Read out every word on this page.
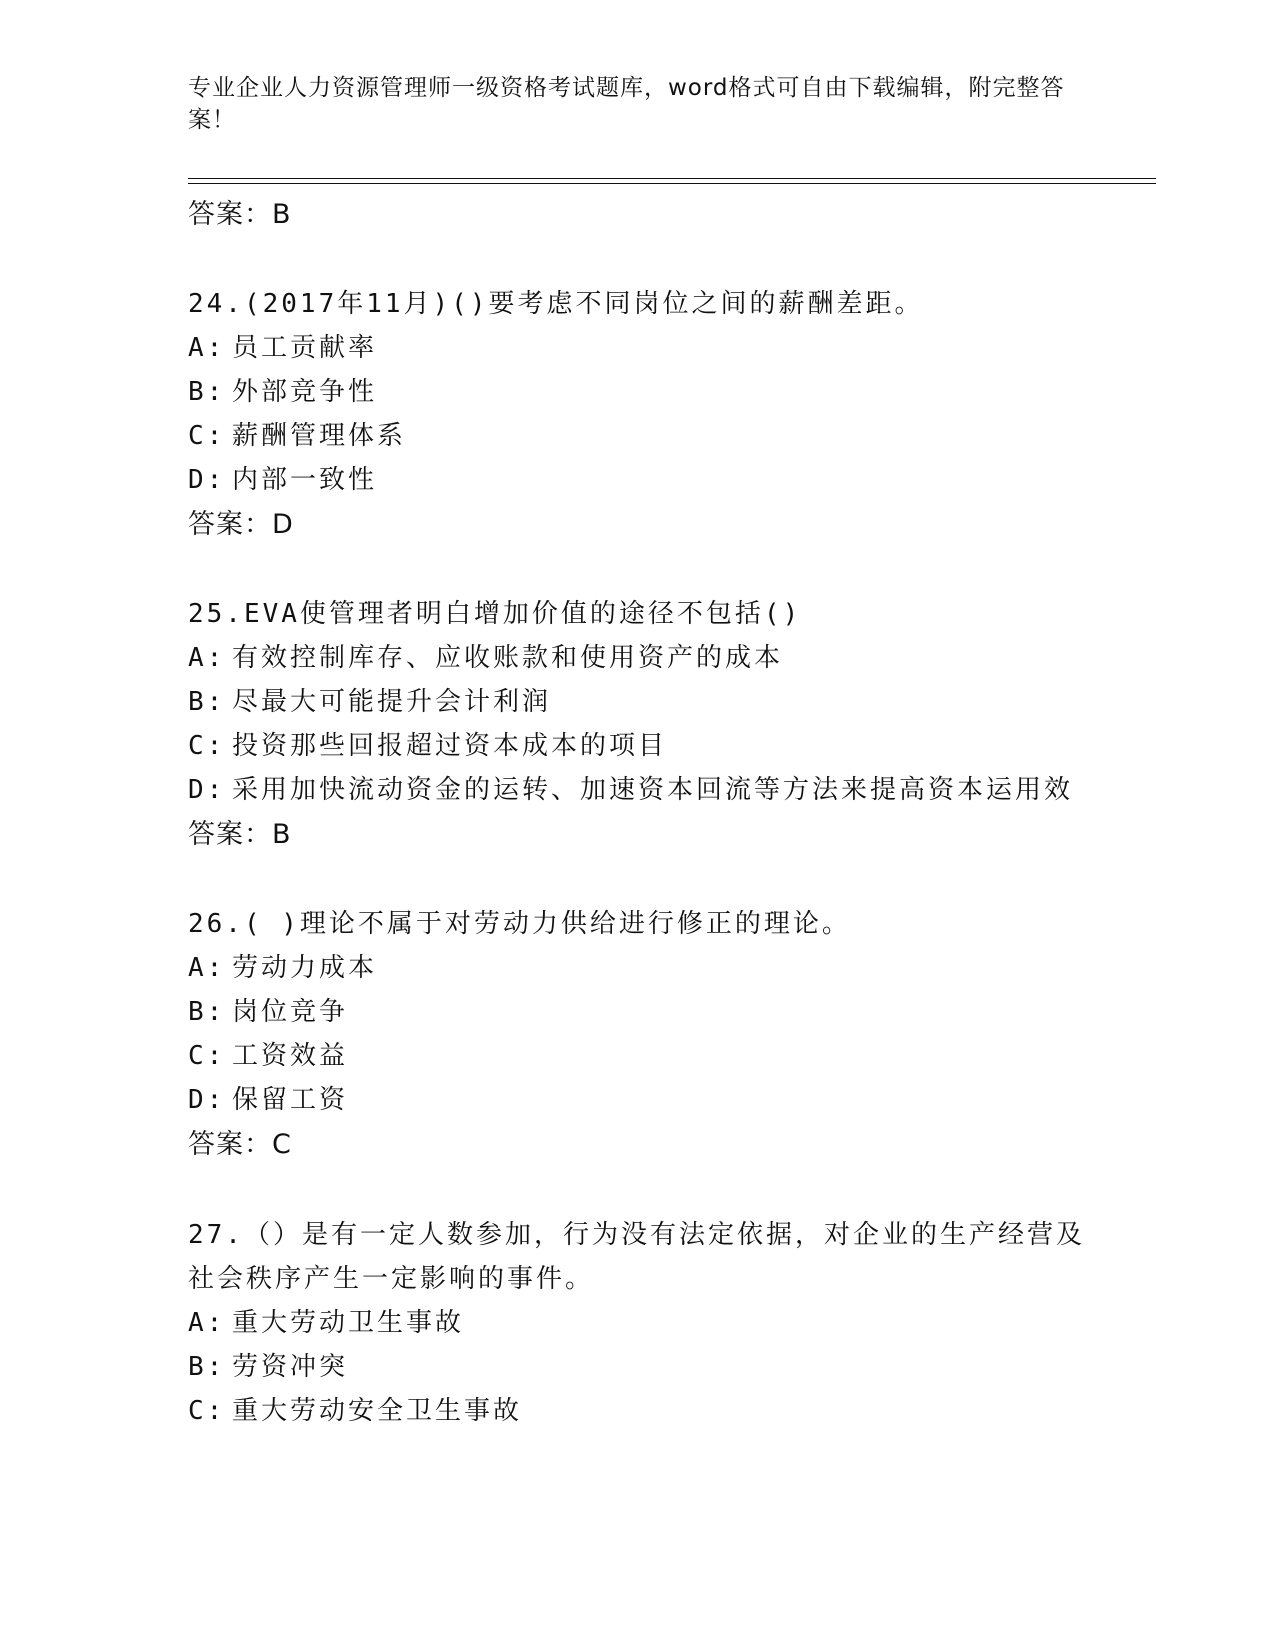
专业企业人力资源管理师一级资格考试题库，word格式可自由下载编辑，附完整答案！
答案：B
24.(2017年11月)()要考虑不同岗位之间的薪酬差距。
A: 员工贡献率
B: 外部竞争性
C: 薪酬管理体系
D: 内部一致性
答案：D
25.EVA使管理者明白增加价值的途径不包括()
A: 有效控制库存、应收账款和使用资产的成本
B: 尽最大可能提升会计利润
C: 投资那些回报超过资本成本的项目
D: 采用加快流动资金的运转、加速资本回流等方法来提高资本运用效
答案：B
26.( )理论不属于对劳动力供给进行修正的理论。
A: 劳动力成本
B: 岗位竞争
C: 工资效益
D: 保留工资
答案：C
27.（）是有一定人数参加，行为没有法定依据，对企业的生产经营及
社会秩序产生一定影响的事件。
A: 重大劳动卫生事故
B: 劳资冲突
C: 重大劳动安全卫生事故
